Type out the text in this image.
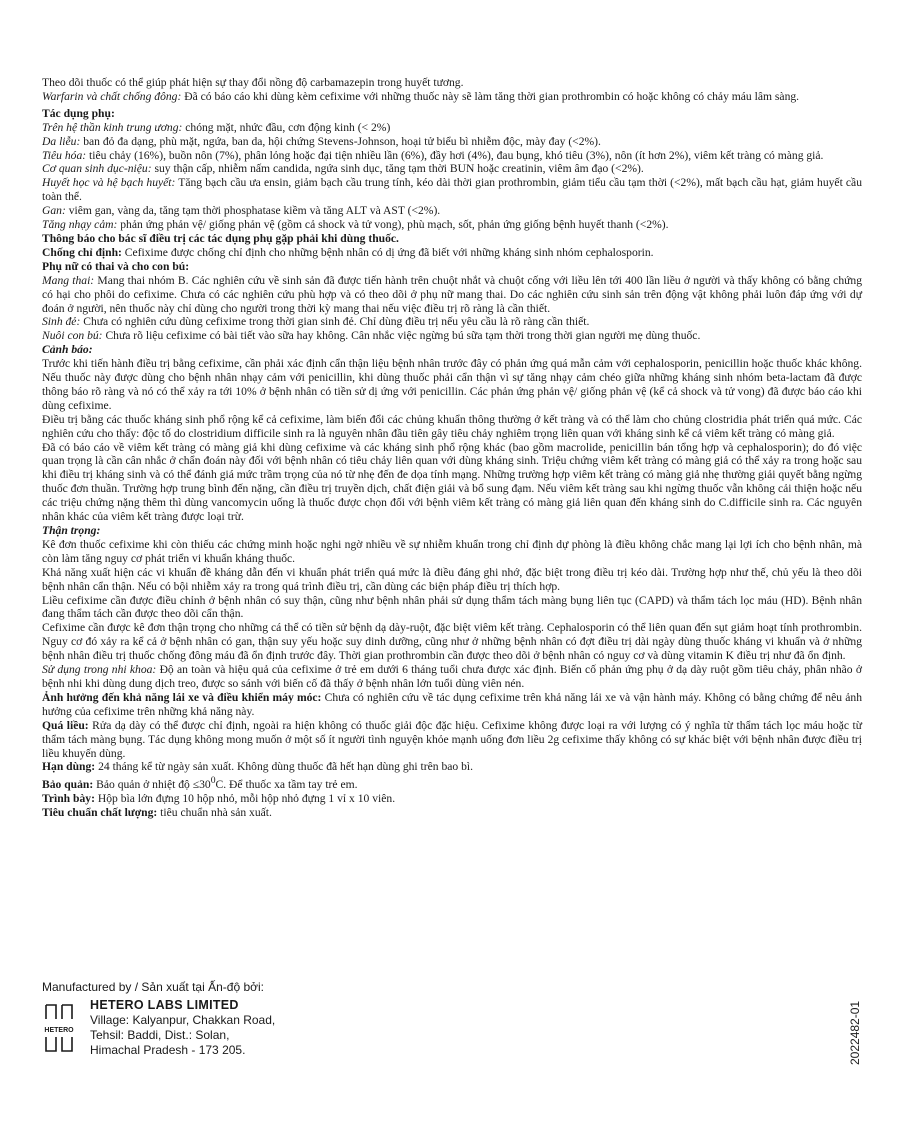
Theo dõi thuốc có thể giúp phát hiện sự thay đổi nồng độ carbamazepin trong huyết tương.

Warfarin và chất chống đông: Đã có báo cáo khi dùng kèm cefixime với những thuốc này sẽ làm tăng thời gian prothrombin có hoặc không có chảy máu lâm sàng.

Tác dụng phụ:

Trên hệ thần kinh trung ương: chóng mặt, nhức đầu, cơn động kinh (< 2%)

Da liễu: ban đỏ đa dạng, phù mặt, ngứa, ban da, hội chứng Stevens-Johnson, hoại tử biểu bì nhiễm độc, mày đay (<2%).

Tiêu hóa: tiêu chảy (16%), buồn nôn (7%), phân lỏng hoặc đại tiện nhiều lần (6%), đầy hơi (4%), đau bụng, khó tiêu (3%), nôn (ít hơn 2%), viêm kết tràng có màng giả.

Cơ quan sinh dục-niệu: suy thận cấp, nhiễm nấm candida, ngứa sinh dục, tăng tạm thời BUN hoặc creatinin, viêm âm đạo (<2%).

Huyết học và hệ bạch huyết: Tăng bạch cầu ưa ensin, giảm bạch cầu trung tính, kéo dài thời gian prothrombin, giảm tiểu cầu tạm thời (<2%), mất bạch cầu hạt, giảm huyết cầu toàn thể.

Gan: viêm gan, vàng da, tăng tạm thời phosphatase kiềm và tăng ALT và AST (<2%).

Tăng nhạy cảm: phản ứng phản vệ/ giống phản vệ (gồm cả shock và tử vong), phù mạch, sốt, phản ứng giống bệnh huyết thanh (<2%).

Thông báo cho bác sĩ điều trị các tác dụng phụ gặp phải khi dùng thuốc.

Chống chỉ định: Cefixime được chống chỉ định cho những bệnh nhân có dị ứng đã biết với những kháng sinh nhóm cephalosporin.

Phụ nữ có thai và cho con bú:

Mang thai: Mang thai nhóm B. Các nghiên cứu về sinh sản đã được tiến hành trên chuột nhắt và chuột cống với liều lên tới 400 lần liều ở người và thấy không có bằng chứng có hại cho phôi do cefixime. Chưa có các nghiên cứu phù hợp và có theo dõi ở phụ nữ mang thai. Do các nghiên cứu sinh sản trên động vật không phải luôn đáp ứng với dự đoán ở người, nên thuốc này chỉ dùng cho người trong thời kỳ mang thai nếu việc điều trị rõ ràng là cần thiết.

Sinh đẻ: Chưa có nghiên cứu dùng cefixime trong thời gian sinh đẻ. Chỉ dùng điều trị nếu yêu cầu là rõ ràng cần thiết.

Nuôi con bú: Chưa rõ liệu cefixime có bài tiết vào sữa hay không. Cân nhắc việc ngừng bú sữa tạm thời trong thời gian người mẹ dùng thuốc.

Cảnh báo:

Trước khi tiến hành điều trị bằng cefixime, cần phải xác định cẩn thận liệu bệnh nhân trước đây có phản ứng quá mẫn cảm với cephalosporin, penicillin hoặc thuốc khác không. Nếu thuốc này được dùng cho bệnh nhân nhạy cảm với penicillin, khi dùng thuốc phải cẩn thận vì sự tăng nhạy cảm chéo giữa những kháng sinh nhóm beta-lactam đã được thông báo rõ ràng và nó có thể xảy ra tới 10% ở bệnh nhân có tiền sử dị ứng với penicillin. Các phản ứng phản vệ/ giống phản vệ (kể cả shock và tử vong) đã được báo cáo khi dùng cefixime.

Điều trị bằng các thuốc kháng sinh phổ rộng kể cả cefixime, làm biến đổi các chủng khuẩn thông thường ở kết tràng và có thể làm cho chủng clostridia phát triển quá mức. Các nghiên cứu cho thấy: độc tố do clostridium difficile sinh ra là nguyên nhân đầu tiên gây tiêu chảy nghiêm trọng liên quan với kháng sinh kể cả viêm kết tràng có màng giả.

Đã có báo cáo về viêm kết tràng có màng giả khi dùng cefixime và các kháng sinh phổ rộng khác (bao gồm macrolide, penicillin bán tổng hợp và cephalosporin); do đó việc quan trọng là cần cân nhắc ở chẩn đoán này đối với bệnh nhân có tiêu chảy liên quan với dùng kháng sinh. Triệu chứng viêm kết tràng có màng giả có thể xảy ra trong hoặc sau khi điều trị kháng sinh và có thể đánh giá mức trầm trọng của nó từ nhẹ đến đe dọa tính mạng. Những trường hợp viêm kết tràng có màng giả nhẹ thường giải quyết bằng ngừng thuốc đơn thuần. Trường hợp trung bình đến nặng, cần điều trị truyền dịch, chất điện giải và bổ sung đạm. Nếu viêm kết tràng sau khi ngừng thuốc vẫn không cải thiện hoặc nếu các triệu chứng nặng thêm thì dùng vancomycin uống là thuốc được chọn đối với bệnh viêm kết tràng có màng giả liên quan đến kháng sinh do C.difficile sinh ra. Các nguyên nhân khác của viêm kết tràng được loại trừ.

Thận trọng:

Kê đơn thuốc cefixime khi còn thiếu các chứng minh hoặc nghi ngờ nhiều về sự nhiễm khuẩn trong chỉ định dự phòng là điều không chắc mang lại lợi ích cho bệnh nhân, mà còn làm tăng nguy cơ phát triển vi khuẩn kháng thuốc.

Khả năng xuất hiện các vi khuẩn đề kháng dẫn đến vi khuẩn phát triển quá mức là điều đáng ghi nhớ, đặc biệt trong điều trị kéo dài. Trường hợp như thế, chủ yếu là theo dõi bệnh nhân cẩn thận. Nếu có bội nhiễm xảy ra trong quá trình điều trị, cần dùng các biện pháp điều trị thích hợp.

Liều cefixime cần được điều chỉnh ở bệnh nhân có suy thận, cũng như bệnh nhân phải sử dụng thẩm tách màng bụng liên tục (CAPD) và thẩm tách lọc máu (HD). Bệnh nhân đang thẩm tách cần được theo dõi cẩn thận.

Cefixime cần được kê đơn thận trọng cho những cá thể có tiền sử bệnh dạ dày-ruột, đặc biệt viêm kết tràng. Cephalosporin có thể liên quan đến sụt giảm hoạt tính prothrombin. Nguy cơ đó xảy ra kể cả ở bệnh nhân có gan, thận suy yếu hoặc suy dinh dưỡng, cũng như ở những bệnh nhân có đợt điều trị dài ngày dùng thuốc kháng vi khuẩn và ở những bệnh nhân điều trị thuốc chống đông máu đã ổn định trước đây. Thời gian prothrombin cần được theo dõi ở bệnh nhân có nguy cơ và dùng vitamin K điều trị như đã ổn định.

Sử dụng trong nhi khoa: Độ an toàn và hiệu quả của cefixime ở trẻ em dưới 6 tháng tuổi chưa được xác định. Biến cố phản ứng phụ ở dạ dày ruột gồm tiêu chảy, phân nhão ở bệnh nhi khi dùng dung dịch treo, được so sánh với biến cố đã thấy ở bệnh nhân lớn tuổi dùng viên nén.

Ảnh hưởng đến khả năng lái xe và điều khiển máy móc: Chưa có nghiên cứu về tác dụng cefixime trên khả năng lái xe và vận hành máy. Không có bằng chứng để nêu ảnh hưởng của cefixime trên những khả năng này.

Quá liều: Rửa dạ dày có thể được chỉ định, ngoài ra hiện không có thuốc giải độc đặc hiệu. Cefixime không được loại ra với lượng có ý nghĩa từ thẩm tách lọc máu hoặc từ thẩm tách màng bụng. Tác dụng không mong muốn ở một số ít người tình nguyện khỏe mạnh uống đơn liều 2g cefixime thấy không có sự khác biệt với bệnh nhân được điều trị liều khuyến dùng.

Hạn dùng: 24 tháng kể từ ngày sản xuất. Không dùng thuốc đã hết hạn dùng ghi trên bao bì.

Bảo quản: Bảo quản ở nhiệt độ $\le 30^0C$. Để thuốc xa tầm tay trẻ em.

Trình bày: Hộp bìa lớn đựng 10 hộp nhỏ, mỗi hộp nhỏ đựng 1 vỉ x 10 viên.

Tiêu chuẩn chất lượng: tiêu chuẩn nhà sản xuất.

Manufactured by / Sản xuất tại Ấn-độ bởi:
HETERO
HETERO LABS LIMITED
Village: Kalyanpur, Chakkan Road,
Tehsil: Baddi, Dist.: Solan,
Himachal Pradesh - 173 205.	2022482-01
